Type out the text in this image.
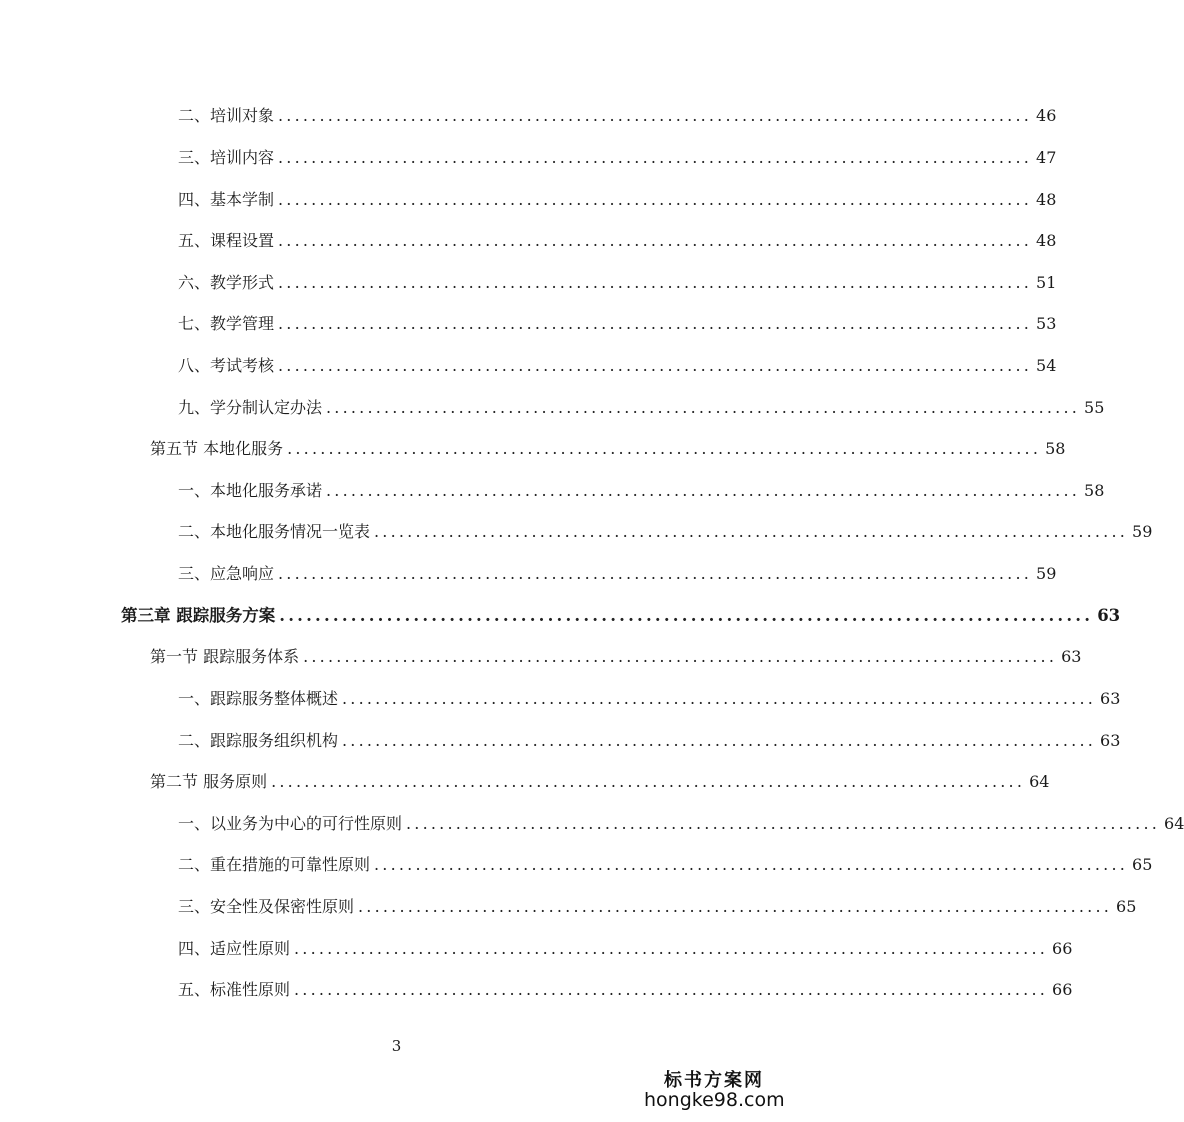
二、培训对象 ........................................................................................... 46
三、培训内容 ........................................................................................... 47
四、基本学制 ........................................................................................... 48
五、课程设置 ........................................................................................... 48
六、教学形式 ........................................................................................... 51
七、教学管理 ........................................................................................... 53
八、考试考核 ........................................................................................... 54
九、学分制认定办法 ........................................................................................... 55
第五节 本地化服务 ........................................................................................... 58
一、本地化服务承诺 ........................................................................................... 58
二、本地化服务情况一览表 ........................................................................................... 59
三、应急响应 ........................................................................................... 59
第三章 跟踪服务方案 ........................................................................................... 63
第一节 跟踪服务体系 ........................................................................................... 63
一、跟踪服务整体概述 ........................................................................................... 63
二、跟踪服务组织机构 ........................................................................................... 63
第二节 服务原则 ........................................................................................... 64
一、以业务为中心的可行性原则 ........................................................................................... 64
二、重在措施的可靠性原则 ........................................................................................... 65
三、安全性及保密性原则 ........................................................................................... 65
四、适应性原则 ........................................................................................... 66
五、标准性原则 ........................................................................................... 66
3
标书方案网
hongke98.com
